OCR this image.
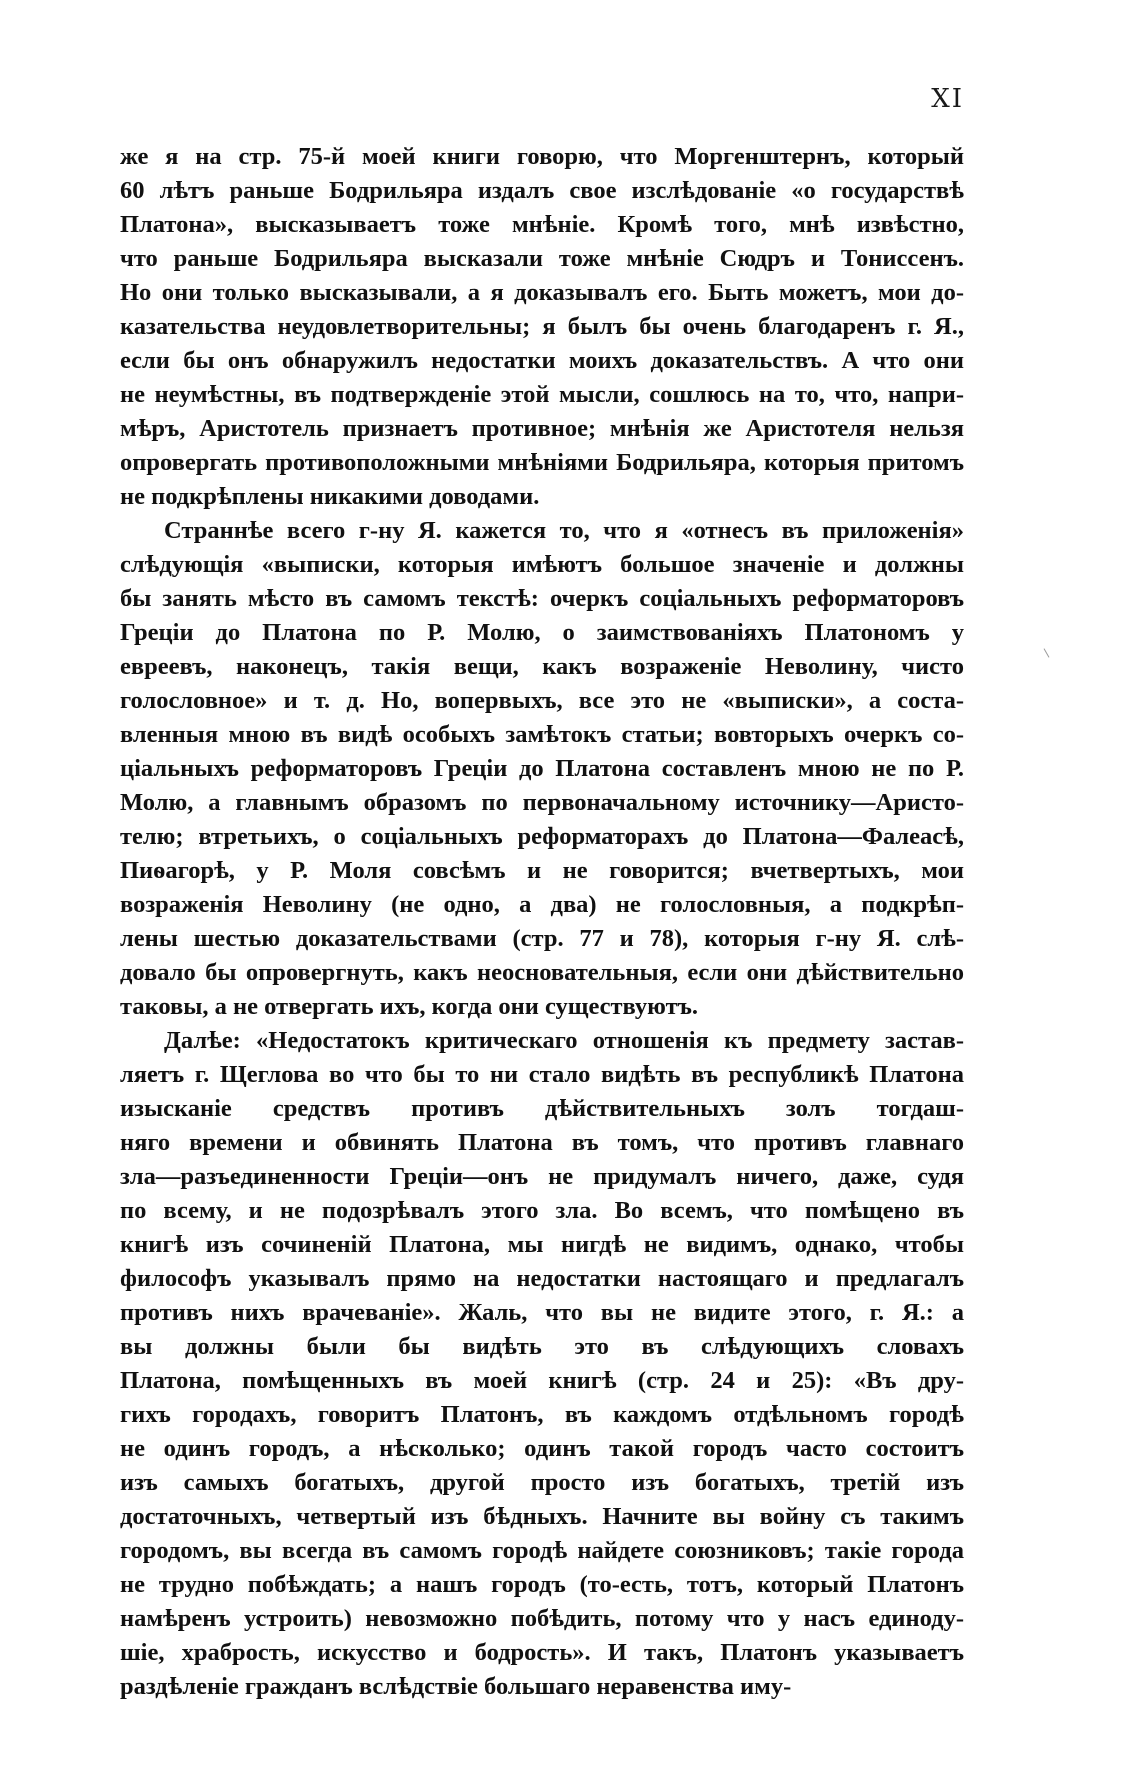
XI
же я на стр. 75-й моей книги говорю, что Моргенштернъ, который
60 лѣтъ раньше Бодрильяра издалъ свое изслѣдованіе «о государствѣ
Платона», высказываетъ тоже мнѣніе. Кромѣ того, мнѣ извѣстно,
что раньше Бодрильяра высказали тоже мнѣніе Сюдръ и Тониссенъ.
Но они только высказывали, а я доказывалъ его. Быть можетъ, мои до-
казательства неудовлетворительны; я былъ бы очень благодаренъ г. Я.,
если бы онъ обнаружилъ недостатки моихъ доказательствъ. А что они
не неумѣстны, въ подтвержденіе этой мысли, сошлюсь на то, что, напри-
мѣръ, Аристотель признаетъ противное; мнѣнія же Аристотеля нельзя
опровергать противоположными мнѣніями Бодрильяра, которыя притомъ
не подкрѣплены никакими доводами.
Страннѣе всего г-ну Я. кажется то, что я «отнесъ въ приложенія»
слѣдующія «выписки, которыя имѣютъ большое значеніе и должны
бы занять мѣсто въ самомъ текстѣ: очеркъ соціальныхъ реформаторовъ
Греціи до Платона по Р. Молю, о заимствованіяхъ Платономъ у
евреевъ, наконецъ, такія вещи, какъ возраженіе Неволину, чисто
голословное» и т. д. Но, вопервыхъ, все это не «выписки», а соста-
вленныя мною въ видѣ особыхъ замѣтокъ статьи; вовторыхъ очеркъ со-
ціальныхъ реформаторовъ Греціи до Платона составленъ мною не по Р.
Молю, а главнымъ образомъ по первоначальному источнику—Аристо-
телю; втретьихъ, о соціальныхъ реформаторахъ до Платона—Фалеасѣ,
Пиѳагорѣ, у Р. Моля совсѣмъ и не говорится; вчетвертыхъ, мои
возраженія Неволину (не одно, а два) не голословныя, а подкрѣп-
лены шестью доказательствами (стр. 77 и 78), которыя г-ну Я. слѣ-
довало бы опровергнуть, какъ неосновательныя, если они дѣйствительно
таковы, а не отвергать ихъ, когда они существуютъ.
Далѣе: «Недостатокъ критическаго отношенія къ предмету застав-
ляетъ г. Щеглова во что бы то ни стало видѣть въ республикѣ Платона
изысканіе средствъ противъ дѣйствительныхъ золъ тогдаш-
няго времени и обвинять Платона въ томъ, что противъ главнаго
зла—разъединенности Греціи—онъ не придумалъ ничего, даже, судя
по всему, и не подозрѣвалъ этого зла. Во всемъ, что помѣщено въ
книгѣ изъ сочиненій Платона, мы нигдѣ не видимъ, однако, чтобы
философъ указывалъ прямо на недостатки настоящаго и предлагалъ
противъ нихъ врачеваніе». Жаль, что вы не видите этого, г. Я.: а
вы должны были бы видѣть это въ слѣдующихъ словахъ
Платона, помѣщенныхъ въ моей книгѣ (стр. 24 и 25): «Въ дру-
гихъ городахъ, говоритъ Платонъ, въ каждомъ отдѣльномъ городѣ
не одинъ городъ, а нѣсколько; одинъ такой городъ часто состоитъ
изъ самыхъ богатыхъ, другой просто изъ богатыхъ, третій изъ
достаточныхъ, четвертый изъ бѣдныхъ. Начните вы войну съ такимъ
городомъ, вы всегда въ самомъ городѣ найдете союзниковъ; такіе города
не трудно побѣждать; а нашъ городъ (то-есть, тотъ, который Платонъ
намѣренъ устроить) невозможно побѣдить, потому что у насъ единоду-
шіе, храбрость, искусство и бодрость». И такъ, Платонъ указываетъ
раздѣленіе гражданъ вслѣдствіе большаго неравенства иму-
